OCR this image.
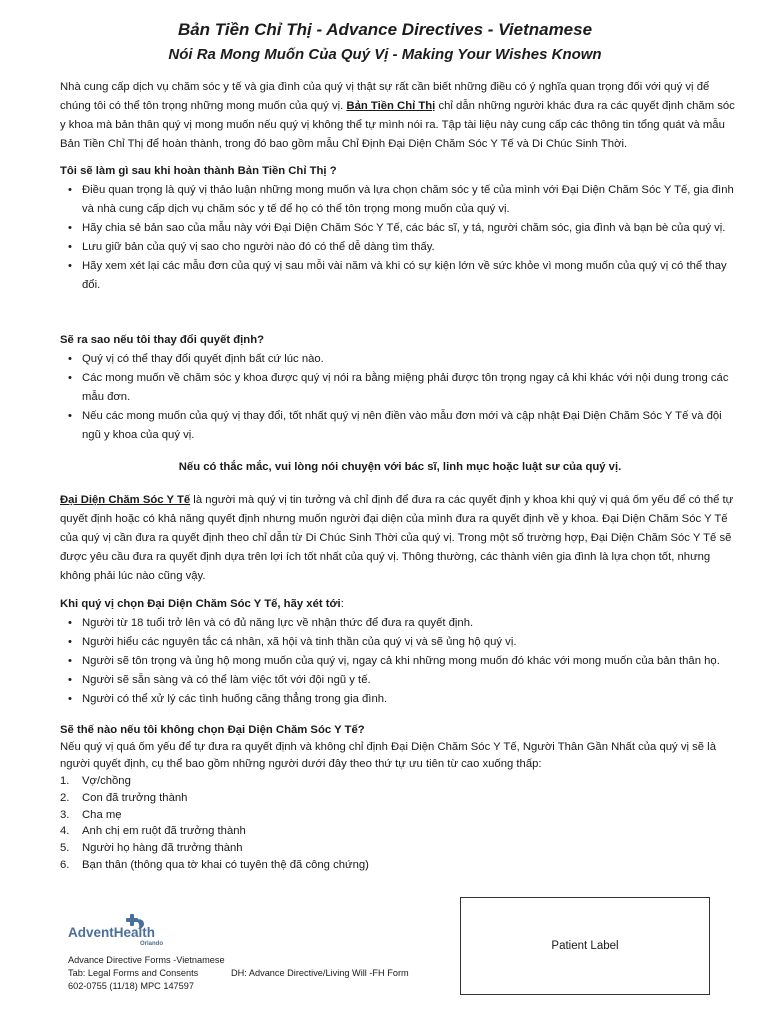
Bản Tiền Chỉ Thị - Advance Directives - Vietnamese
Nói Ra Mong Muốn Của Quý Vị - Making Your Wishes Known
Nhà cung cấp dịch vụ chăm sóc y tế và gia đình của quý vị thật sự rất cần biết những điều có ý nghĩa quan trọng đối với quý vị để chúng tôi có thể tôn trọng những mong muốn của quý vị. Bản Tiền Chỉ Thị chỉ dẫn những người khác đưa ra các quyết định chăm sóc y khoa mà bản thân quý vị mong muốn nếu quý vị không thể tự mình nói ra. Tập tài liệu này cung cấp các thông tin tổng quát và mẫu Bản Tiền Chỉ Thị để hoàn thành, trong đó bao gồm mẫu Chỉ Định Đại Diện Chăm Sóc Y Tế và Di Chúc Sinh Thời.
Tôi sẽ làm gì sau khi hoàn thành Bản Tiền Chỉ Thị ?
• Điều quan trọng là quý vị thảo luận những mong muốn và lựa chọn chăm sóc y tế của mình với Đại Diện Chăm Sóc Y Tế, gia đình và nhà cung cấp dịch vụ chăm sóc y tế để họ có thể tôn trọng mong muốn của quý vị.
• Hãy chia sẻ bản sao của mẫu này với Đại Diện Chăm Sóc Y Tế, các bác sĩ, y tá, người chăm sóc, gia đình và bạn bè của quý vị.
• Lưu giữ bản của quý vị sao cho người nào đó có thể dễ dàng tìm thấy.
• Hãy xem xét lại các mẫu đơn của quý vị sau mỗi vài năm và khi có sự kiện lớn về sức khỏe vì mong muốn của quý vị có thể thay đổi.
Sẽ ra sao nếu tôi thay đổi quyết định?
• Quý vị có thể thay đổi quyết định bất cứ lúc nào.
• Các mong muốn về chăm sóc y khoa được quý vị nói ra bằng miệng phải được tôn trọng ngay cả khi khác với nội dung trong các mẫu đơn.
• Nếu các mong muốn của quý vị thay đổi, tốt nhất quý vị nên điền vào mẫu đơn mới và cập nhật Đại Diện Chăm Sóc Y Tế và đội ngũ y khoa của quý vị.
Nếu có thắc mắc, vui lòng nói chuyện với bác sĩ, linh mục hoặc luật sư của quý vị.
Đại Diện Chăm Sóc Y Tế là người mà quý vị tin tưởng và chỉ định để đưa ra các quyết định y khoa khi quý vị quá ốm yếu để có thể tự quyết định hoặc có khả năng quyết định nhưng muốn người đại diện của mình đưa ra quyết định về y khoa. Đại Diện Chăm Sóc Y Tế của quý vị cần đưa ra quyết định theo chỉ dẫn từ Di Chúc Sinh Thời của quý vị. Trong một số trường hợp, Đại Diện Chăm Sóc Y Tế sẽ được yêu cầu đưa ra quyết định dựa trên lợi ích tốt nhất của quý vị. Thông thường, các thành viên gia đình là lựa chọn tốt, nhưng không phải lúc nào cũng vậy.
Khi quý vị chọn Đại Diện Chăm Sóc Y Tế, hãy xét tới:
• Người từ 18 tuổi trở lên và có đủ năng lực về nhận thức để đưa ra quyết định.
• Người hiểu các nguyên tắc cá nhân, xã hội và tinh thần của quý vị và sẽ ủng hộ quý vị.
• Người sẽ tôn trọng và ủng hộ mong muốn của quý vị, ngay cả khi những mong muốn đó khác với mong muốn của bản thân họ.
• Người sẽ sẵn sàng và có thể làm việc tốt với đội ngũ y tế.
• Người có thể xử lý các tình huống căng thẳng trong gia đình.
Sẽ thế nào nếu tôi không chọn Đại Diện Chăm Sóc Y Tế?
Nếu quý vị quá ốm yếu để tự đưa ra quyết định và không chỉ định Đại Diện Chăm Sóc Y Tế, Người Thân Gần Nhất của quý vị sẽ là người quyết định, cụ thể bao gồm những người dưới đây theo thứ tự ưu tiên từ cao xuống thấp:
1. Vợ/chồng
2. Con đã trưởng thành
3. Cha mẹ
4. Anh chị em ruột đã trưởng thành
5. Người họ hàng đã trưởng thành
6. Bạn thân (thông qua tờ khai có tuyên thệ đã công chứng)
AdventHealth
Orlando
Advance Directive Forms -Vietnamese
Tab: Legal Forms and Consents	DH: Advance Directive/Living Will -FH Form
602-0755 (11/18) MPC 147597
Patient Label
